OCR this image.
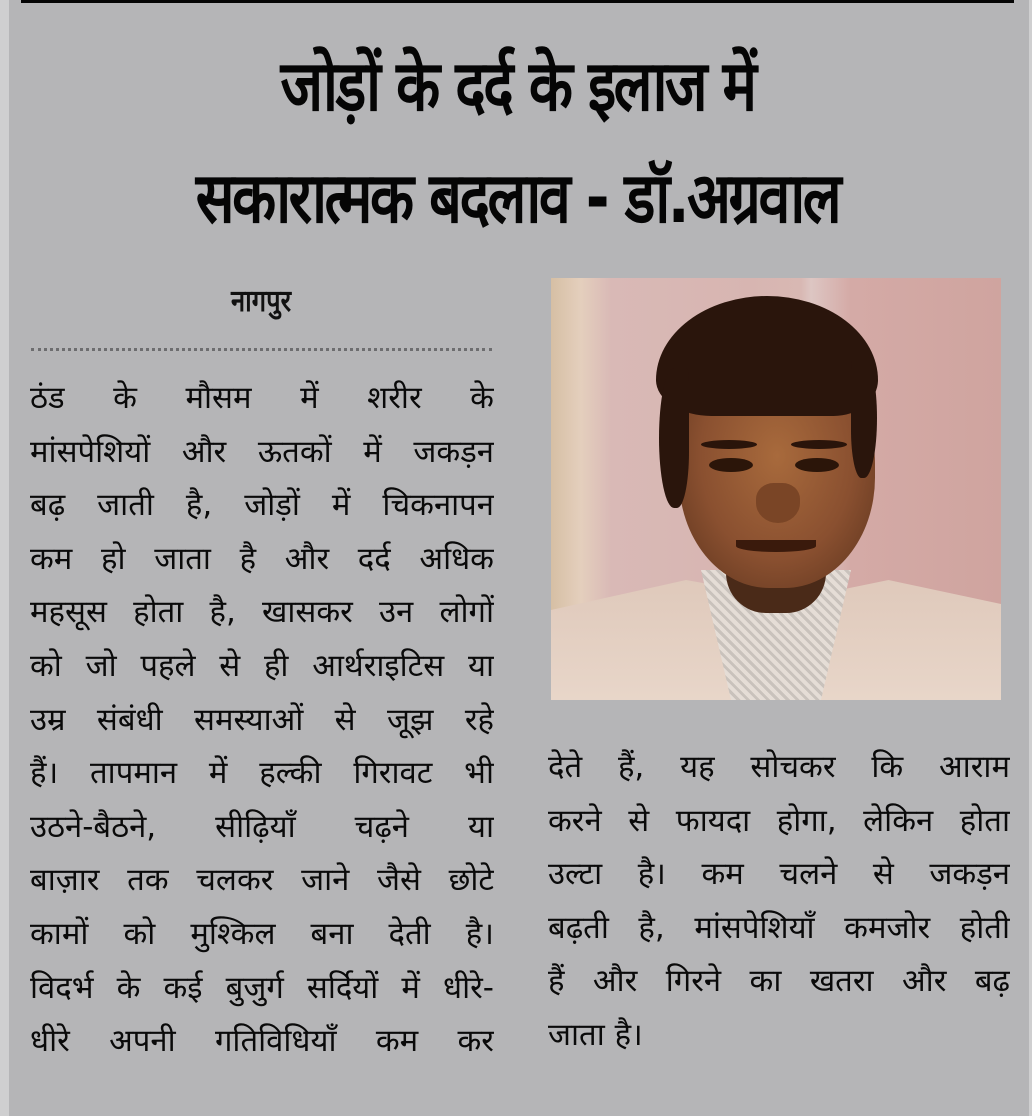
जोड़ों के दर्द के इलाज में
सकारात्मक बदलाव - डॉ.अग्रवाल
नागपुर
ठंड के मौसम में शरीर के
मांसपेशियों और ऊतकों में जकड़न
बढ़ जाती है, जोड़ों में चिकनापन
कम हो जाता है और दर्द अधिक
महसूस होता है, खासकर उन लोगों
को जो पहले से ही आर्थराइटिस या
उम्र संबंधी समस्याओं से जूझ रहे
हैं। तापमान में हल्की गिरावट भी
उठने-बैठने, सीढ़ियाँ चढ़ने या
बाज़ार तक चलकर जाने जैसे छोटे
कामों को मुश्किल बना देती है।
विदर्भ के कई बुजुर्ग सर्दियों में धीरे-
धीरे अपनी गतिविधियाँ कम कर
देते हैं, यह सोचकर कि आराम
करने से फायदा होगा, लेकिन होता
उल्टा है। कम चलने से जकड़न
बढ़ती है, मांसपेशियाँ कमजोर होती
हैं और गिरने का खतरा और बढ़
जाता है।
